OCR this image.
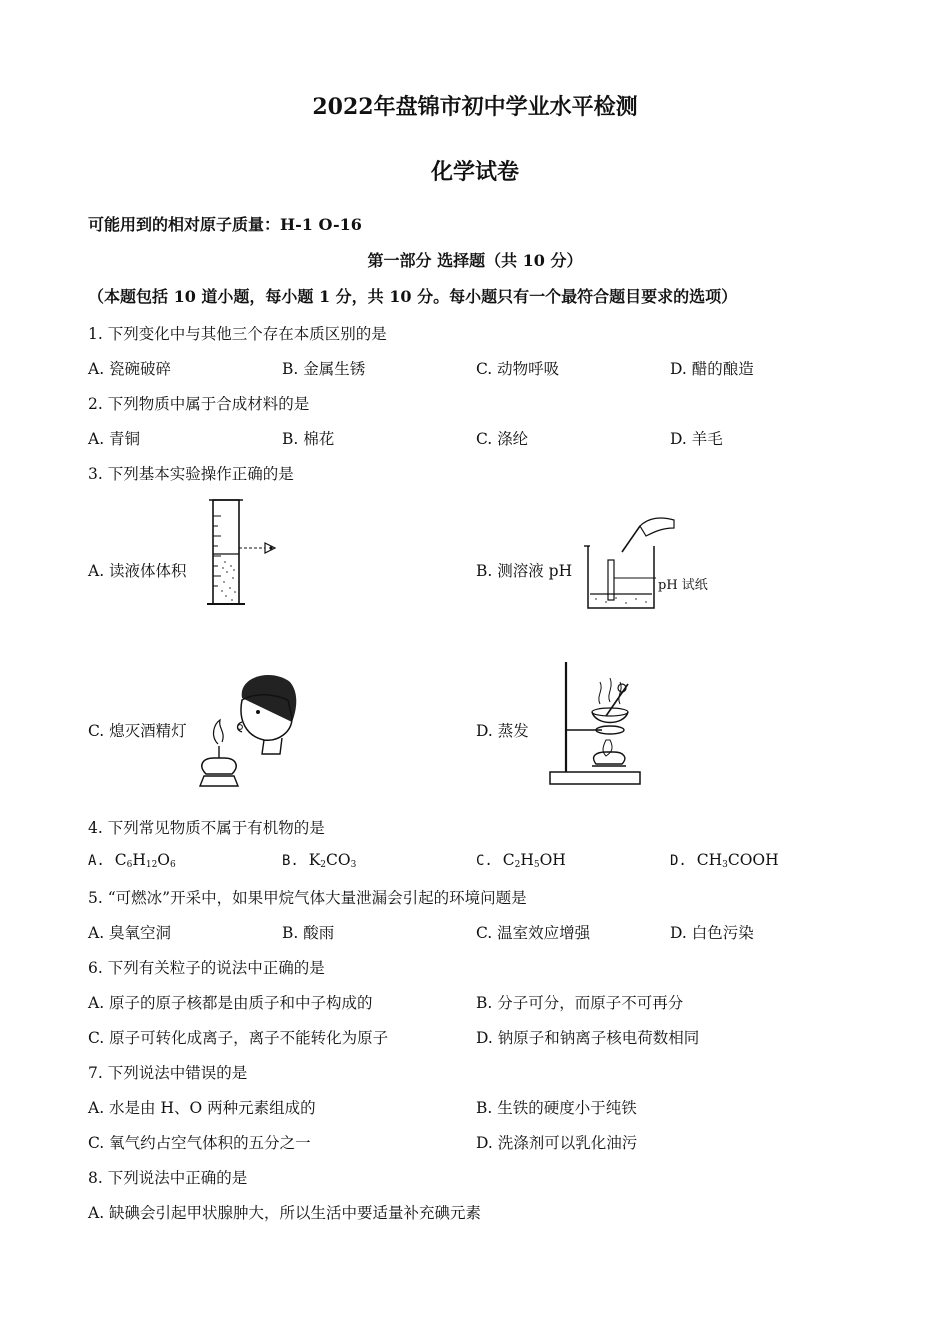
2022年盘锦市初中学业水平检测
化学试卷
可能用到的相对原子质量：H-1 O-16
第一部分 选择题（共 10 分）
（本题包括 10 道小题，每小题 1 分，共 10 分。每小题只有一个最符合题目要求的选项）
1. 下列变化中与其他三个存在本质区别的是
A. 瓷碗破碎	B. 金属生锈	C. 动物呼吸	D. 醋的酿造
2. 下列物质中属于合成材料的是
A. 青铜	B. 棉花	C. 涤纶	D. 羊毛
3. 下列基本实验操作正确的是
A. 读液体体积	B. 测溶液 pH
pH 试纸
C. 熄灭酒精灯	D. 蒸发
4. 下列常见物质不属于有机物的是
A.  $C_6H_{12}O_6$	B.  $K_2CO_3$	C.  $C_2H_5OH$	D.  $CH_3COOH$
5. “可燃冰”开采中，如果甲烷气体大量泄漏会引起的环境问题是
A. 臭氧空洞	B. 酸雨	C. 温室效应增强	D. 白色污染
6. 下列有关粒子的说法中正确的是
A. 原子的原子核都是由质子和中子构成的	B. 分子可分，而原子不可再分
C. 原子可转化成离子，离子不能转化为原子	D. 钠原子和钠离子核电荷数相同
7. 下列说法中错误的是
A. 水是由 H、O 两种元素组成的	B. 生铁的硬度小于纯铁
C. 氧气约占空气体积的五分之一	D. 洗涤剂可以乳化油污
8. 下列说法中正确的是
A. 缺碘会引起甲状腺肿大，所以生活中要适量补充碘元素
